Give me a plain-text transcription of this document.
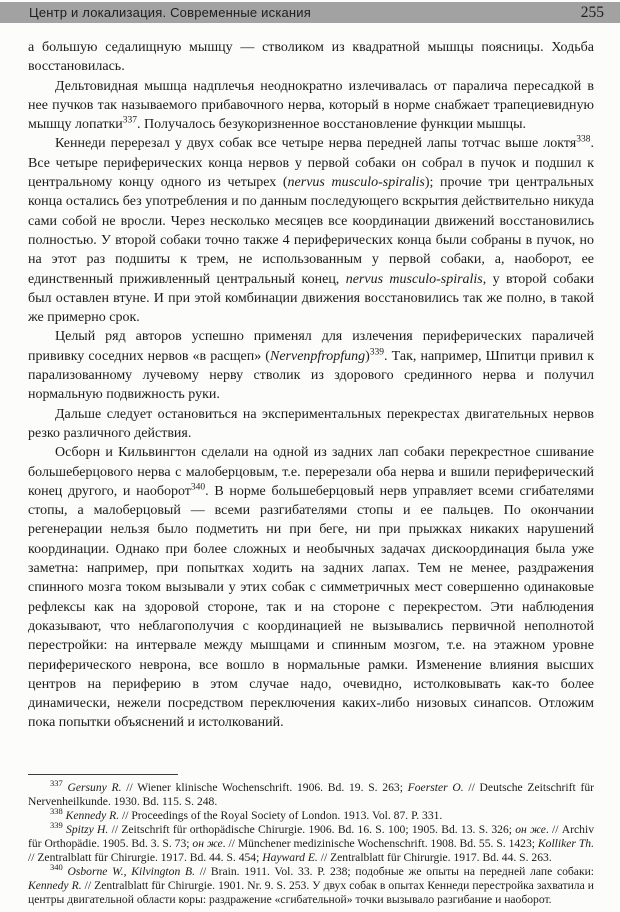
Центр и локализация. Современные искания	255

а большую седалищную мышцу — стволиком из квадратной мышцы поясницы. Ходьба восстановилась.

Дельтовидная мышца надплечья неоднократно излечивалась от паралича пересадкой в нее пучков так называемого прибавочного нерва, который в норме снабжает трапециевидную мышцу лопатки$^{337}$. Получалось безукоризненное восстановление функции мышцы.

Кеннеди перерезал у двух собак все четыре нерва передней лапы тотчас выше локтя$^{338}$. Все четыре периферических конца нервов у первой собаки он собрал в пучок и подшил к центральному концу одного из четырех (nervus musculo-spiralis); прочие три центральных конца остались без употребления и по данным последующего вскрытия действительно никуда сами собой не вросли. Через несколько месяцев все координации движений восстановились полностью. У второй собаки точно также 4 периферических конца были собраны в пучок, но на этот раз подшиты к трем, не использованным у первой собаки, а, наоборот, ее единственный приживленный центральный конец, nervus musculo-spiralis, у второй собаки был оставлен втуне. И при этой комбинации движения восстановились так же полно, в такой же примерно срок.

Целый ряд авторов успешно применял для излечения периферических параличей прививку соседних нервов «в расщеп» (Nervenpfropfung)$^{339}$. Так, например, Шпитци привил к парализованному лучевому нерву стволик из здорового срединного нерва и получил нормальную подвижность руки.

Дальше следует остановиться на экспериментальных перекрестах двигательных нервов резко различного действия.

Осборн и Кильвингтон сделали на одной из задних лап собаки перекрестное сшивание большеберцового нерва с малоберцовым, т.е. перерезали оба нерва и вшили периферический конец другого, и наоборот$^{340}$. В норме большеберцовый нерв управляет всеми сгибателями стопы, а малоберцовый — всеми разгибателями стопы и ее пальцев. По окончании регенерации нельзя было подметить ни при беге, ни при прыжках никаких нарушений координации. Однако при более сложных и необычных задачах дискоординация была уже заметна: например, при попытках ходить на задних лапах. Тем не менее, раздражения спинного мозга током вызывали у этих собак с симметричных мест совершенно одинаковые рефлексы как на здоровой стороне, так и на стороне с перекрестом. Эти наблюдения доказывают, что неблагополучия с координацией не вызывались первичной неполнотой перестройки: на интервале между мышцами и спинным мозгом, т.е. на этажном уровне периферического неврона, все вошло в нормальные рамки. Изменение влияния высших центров на периферию в этом случае надо, очевидно, истолковывать как-то более динамически, нежели посредством переключения каких-либо низовых синапсов. Отложим пока попытки объяснений и истолкований.

$^{337}$ Gersuny R. // Wiener klinische Wochenschrift. 1906. Bd. 19. S. 263; Foerster O. // Deutsche Zeitschrift für Nervenheilkunde. 1930. Bd. 115. S. 248.

$^{338}$ Kennedy R. // Proceedings of the Royal Society of London. 1913. Vol. 87. P. 331.

$^{339}$ Spitzy H. // Zeitschrift für orthopädische Chirurgie. 1906. Bd. 16. S. 100; 1905. Bd. 13. S. 326; он же. // Archiv für Orthopädie. 1905. Bd. 3. S. 73; он же. // Münchener medizinische Wochenschrift. 1908. Bd. 55. S. 1423; Kolliker Th. // Zentralblatt für Chirurgie. 1917. Bd. 44. S. 454; Hayward E. // Zentralblatt für Chirurgie. 1917. Bd. 44. S. 263.

$^{340}$ Osborne W., Kilvington B. // Brain. 1911. Vol. 33. P. 238; подобные же опыты на передней лапе собаки: Kennedy R. // Zentralblatt für Chirurgie. 1901. Nr. 9. S. 253. У двух собак в опытах Кеннеди перестройка захватила и центры двигательной области коры: раздражение «сгибательной» точки вызывало разгибание и наоборот.
